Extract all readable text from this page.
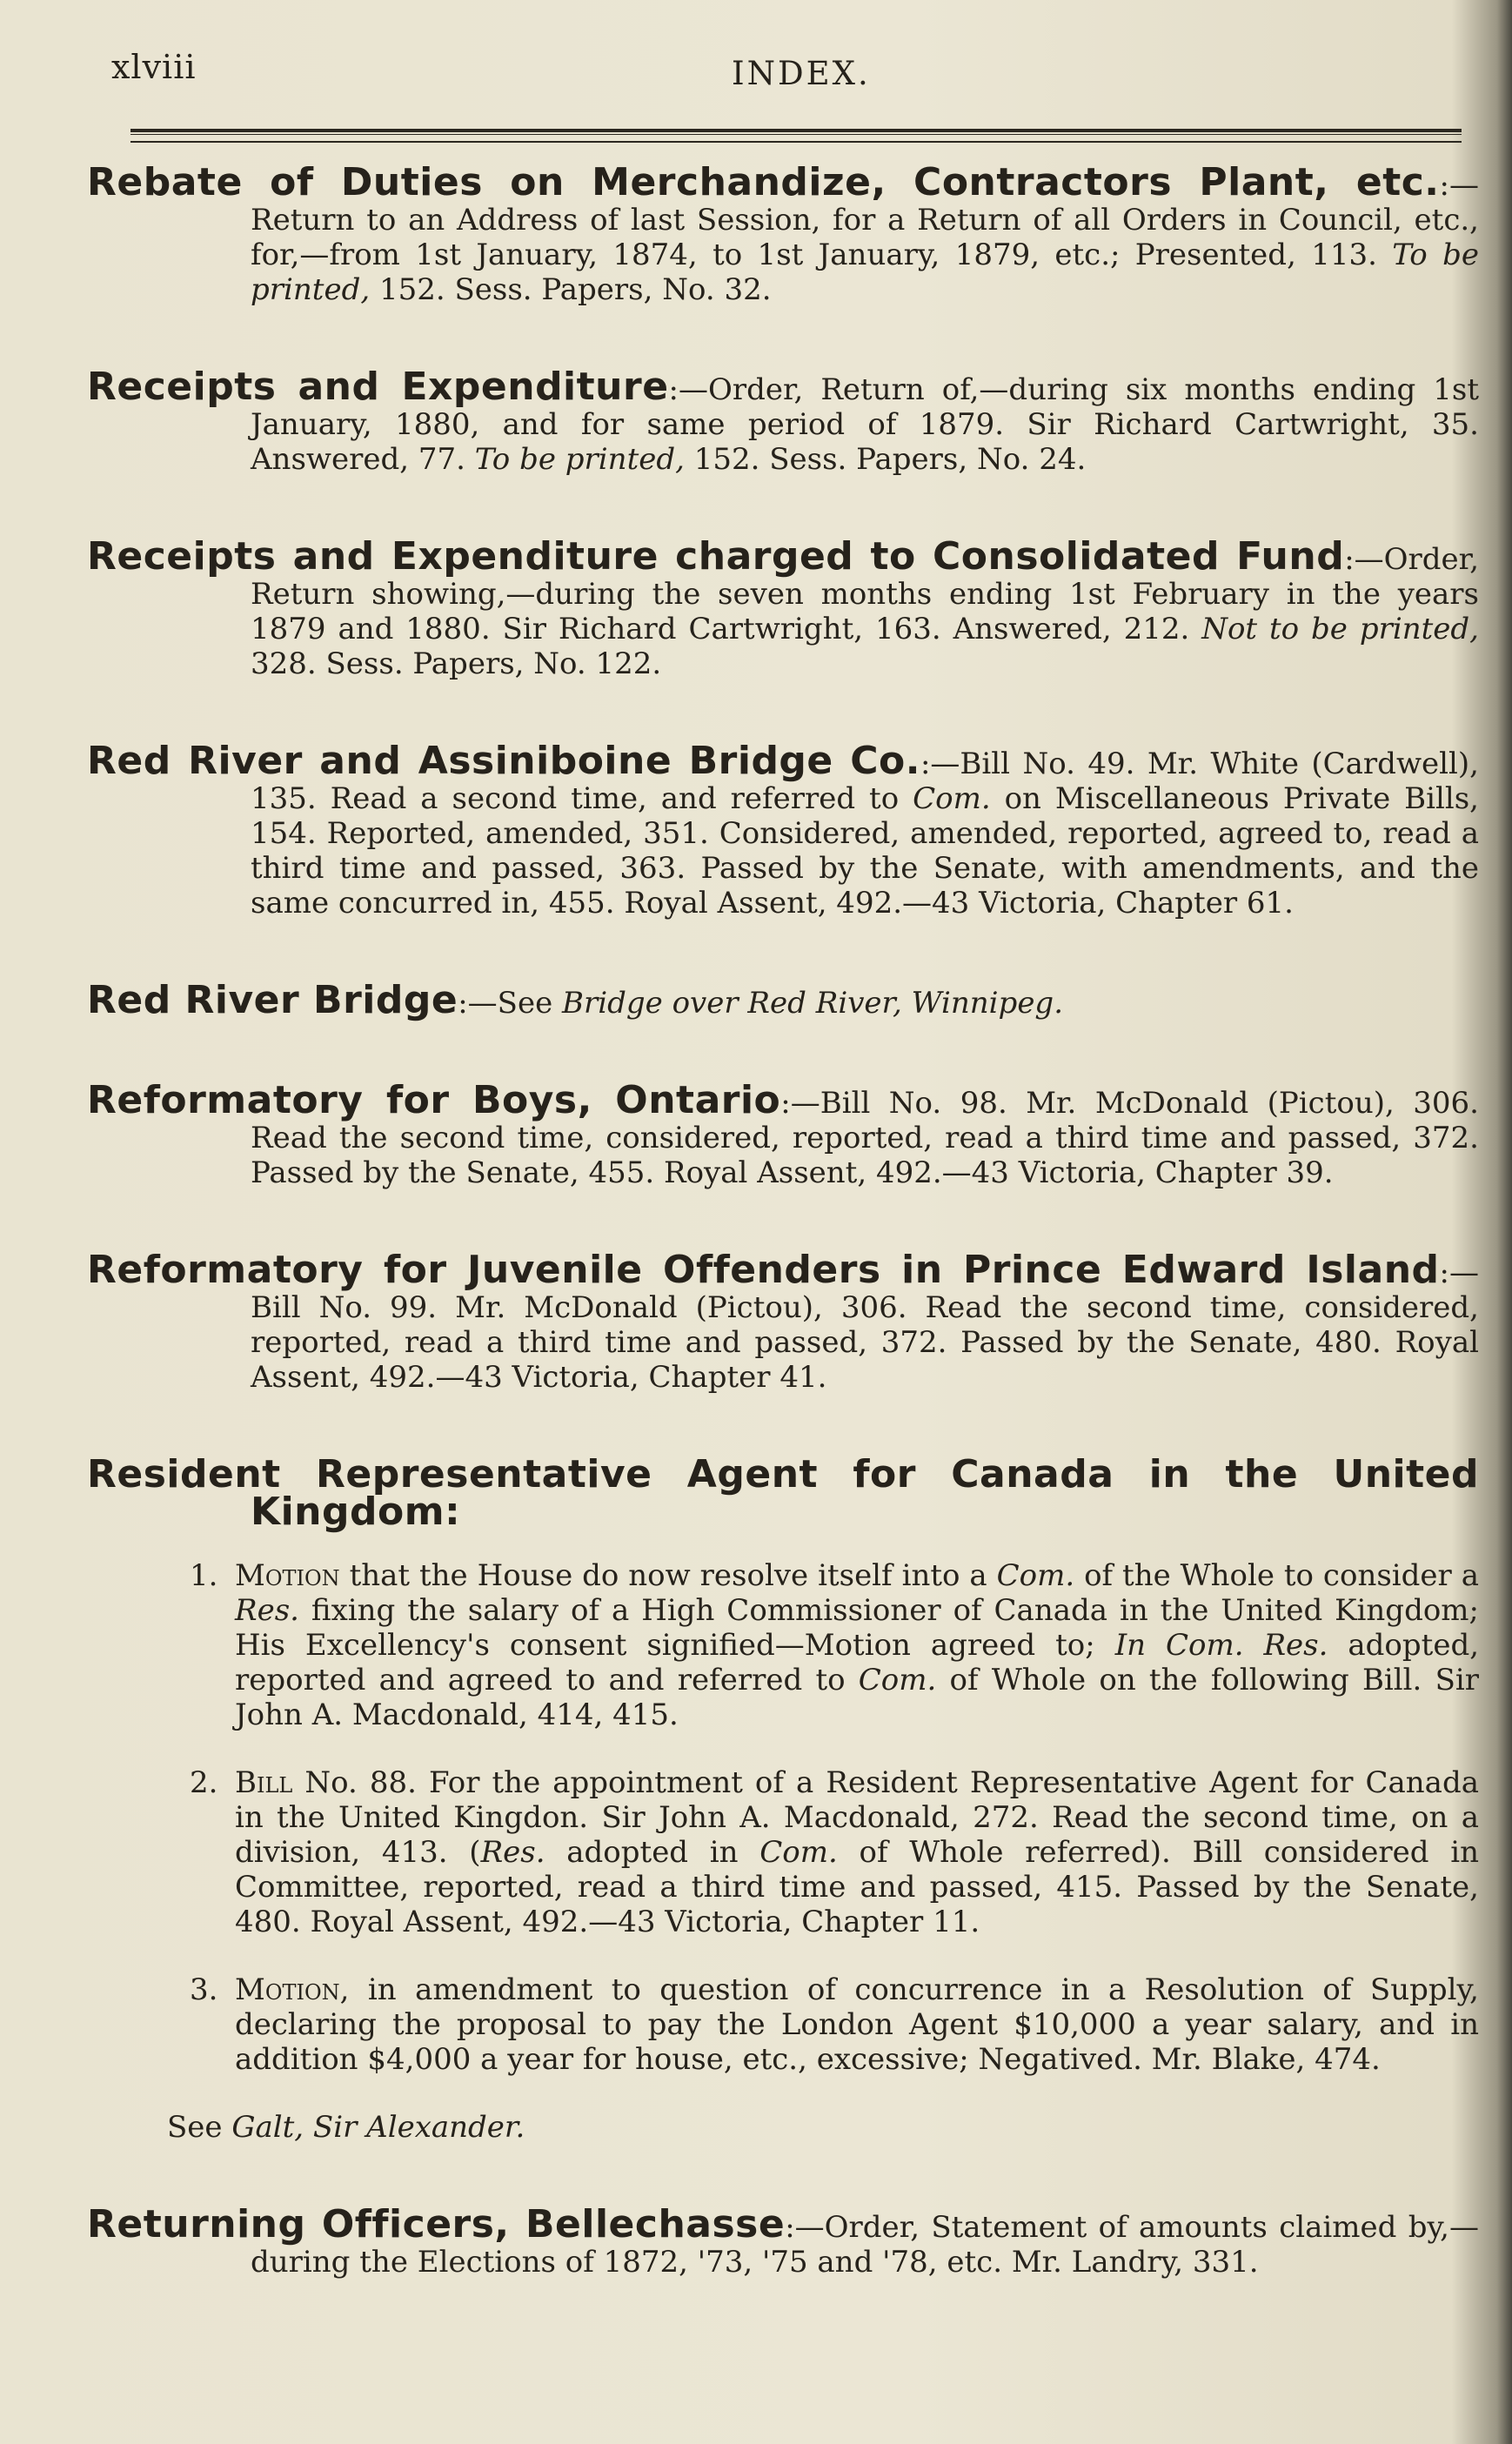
xlviii	INDEX.

Rebate of Duties on Merchandize, Contractors Plant, etc.:—Return to an Address of last Session, for a Return of all Orders in Council, etc., for,—from 1st January, 1874, to 1st January, 1879, etc.; Presented, 113. To be printed, 152. Sess. Papers, No. 32.

Receipts and Expenditure:—Order, Return of,—during six months ending 1st January, 1880, and for same period of 1879. Sir Richard Cartwright, 35. Answered, 77. To be printed, 152. Sess. Papers, No. 24.

Receipts and Expenditure charged to Consolidated Fund:—Order, Return showing,—during the seven months ending 1st February in the years 1879 and 1880. Sir Richard Cartwright, 163. Answered, 212. Not to be printed, 328. Sess. Papers, No. 122.

Red River and Assiniboine Bridge Co.:—Bill No. 49. Mr. White (Cardwell), 135. Read a second time, and referred to Com. on Miscellaneous Private Bills, 154. Reported, amended, 351. Considered, amended, reported, agreed to, read a third time and passed, 363. Passed by the Senate, with amendments, and the same concurred in, 455. Royal Assent, 492.—43 Victoria, Chapter 61.

Red River Bridge:—See Bridge over Red River, Winnipeg.

Reformatory for Boys, Ontario:—Bill No. 98. Mr. McDonald (Pictou), 306. Read the second time, considered, reported, read a third time and passed, 372. Passed by the Senate, 455. Royal Assent, 492.—43 Victoria, Chapter 39.

Reformatory for Juvenile Offenders in Prince Edward Island:—Bill No. 99. Mr. McDonald (Pictou), 306. Read the second time, considered, reported, read a third time and passed, 372. Passed by the Senate, 480. Royal Assent, 492.—43 Victoria, Chapter 41.

Resident Representative Agent for Canada in the United Kingdom:

1. Motion that the House do now resolve itself into a Com. of the Whole to consider a Res. fixing the salary of a High Commissioner of Canada in the United Kingdom; His Excellency's consent signified—Motion agreed to; In Com. Res. adopted, reported and agreed to and referred to Com. of Whole on the following Bill. Sir John A. Macdonald, 414, 415.

2. Bill No. 88. For the appointment of a Resident Representative Agent for Canada in the United Kingdon. Sir John A. Macdonald, 272. Read the second time, on a division, 413. (Res. adopted in Com. of Whole referred). Bill considered in Committee, reported, read a third time and passed, 415. Passed by the Senate, 480. Royal Assent, 492.—43 Victoria, Chapter 11.

3. Motion, in amendment to question of concurrence in a Resolution of Supply, declaring the proposal to pay the London Agent $10,000 a year salary, and in addition $4,000 a year for house, etc., excessive; Negatived. Mr. Blake, 474.

See Galt, Sir Alexander.

Returning Officers, Bellechasse:—Order, Statement of amounts claimed by,—during the Elections of 1872, '73, '75 and '78, etc. Mr. Landry, 331.
